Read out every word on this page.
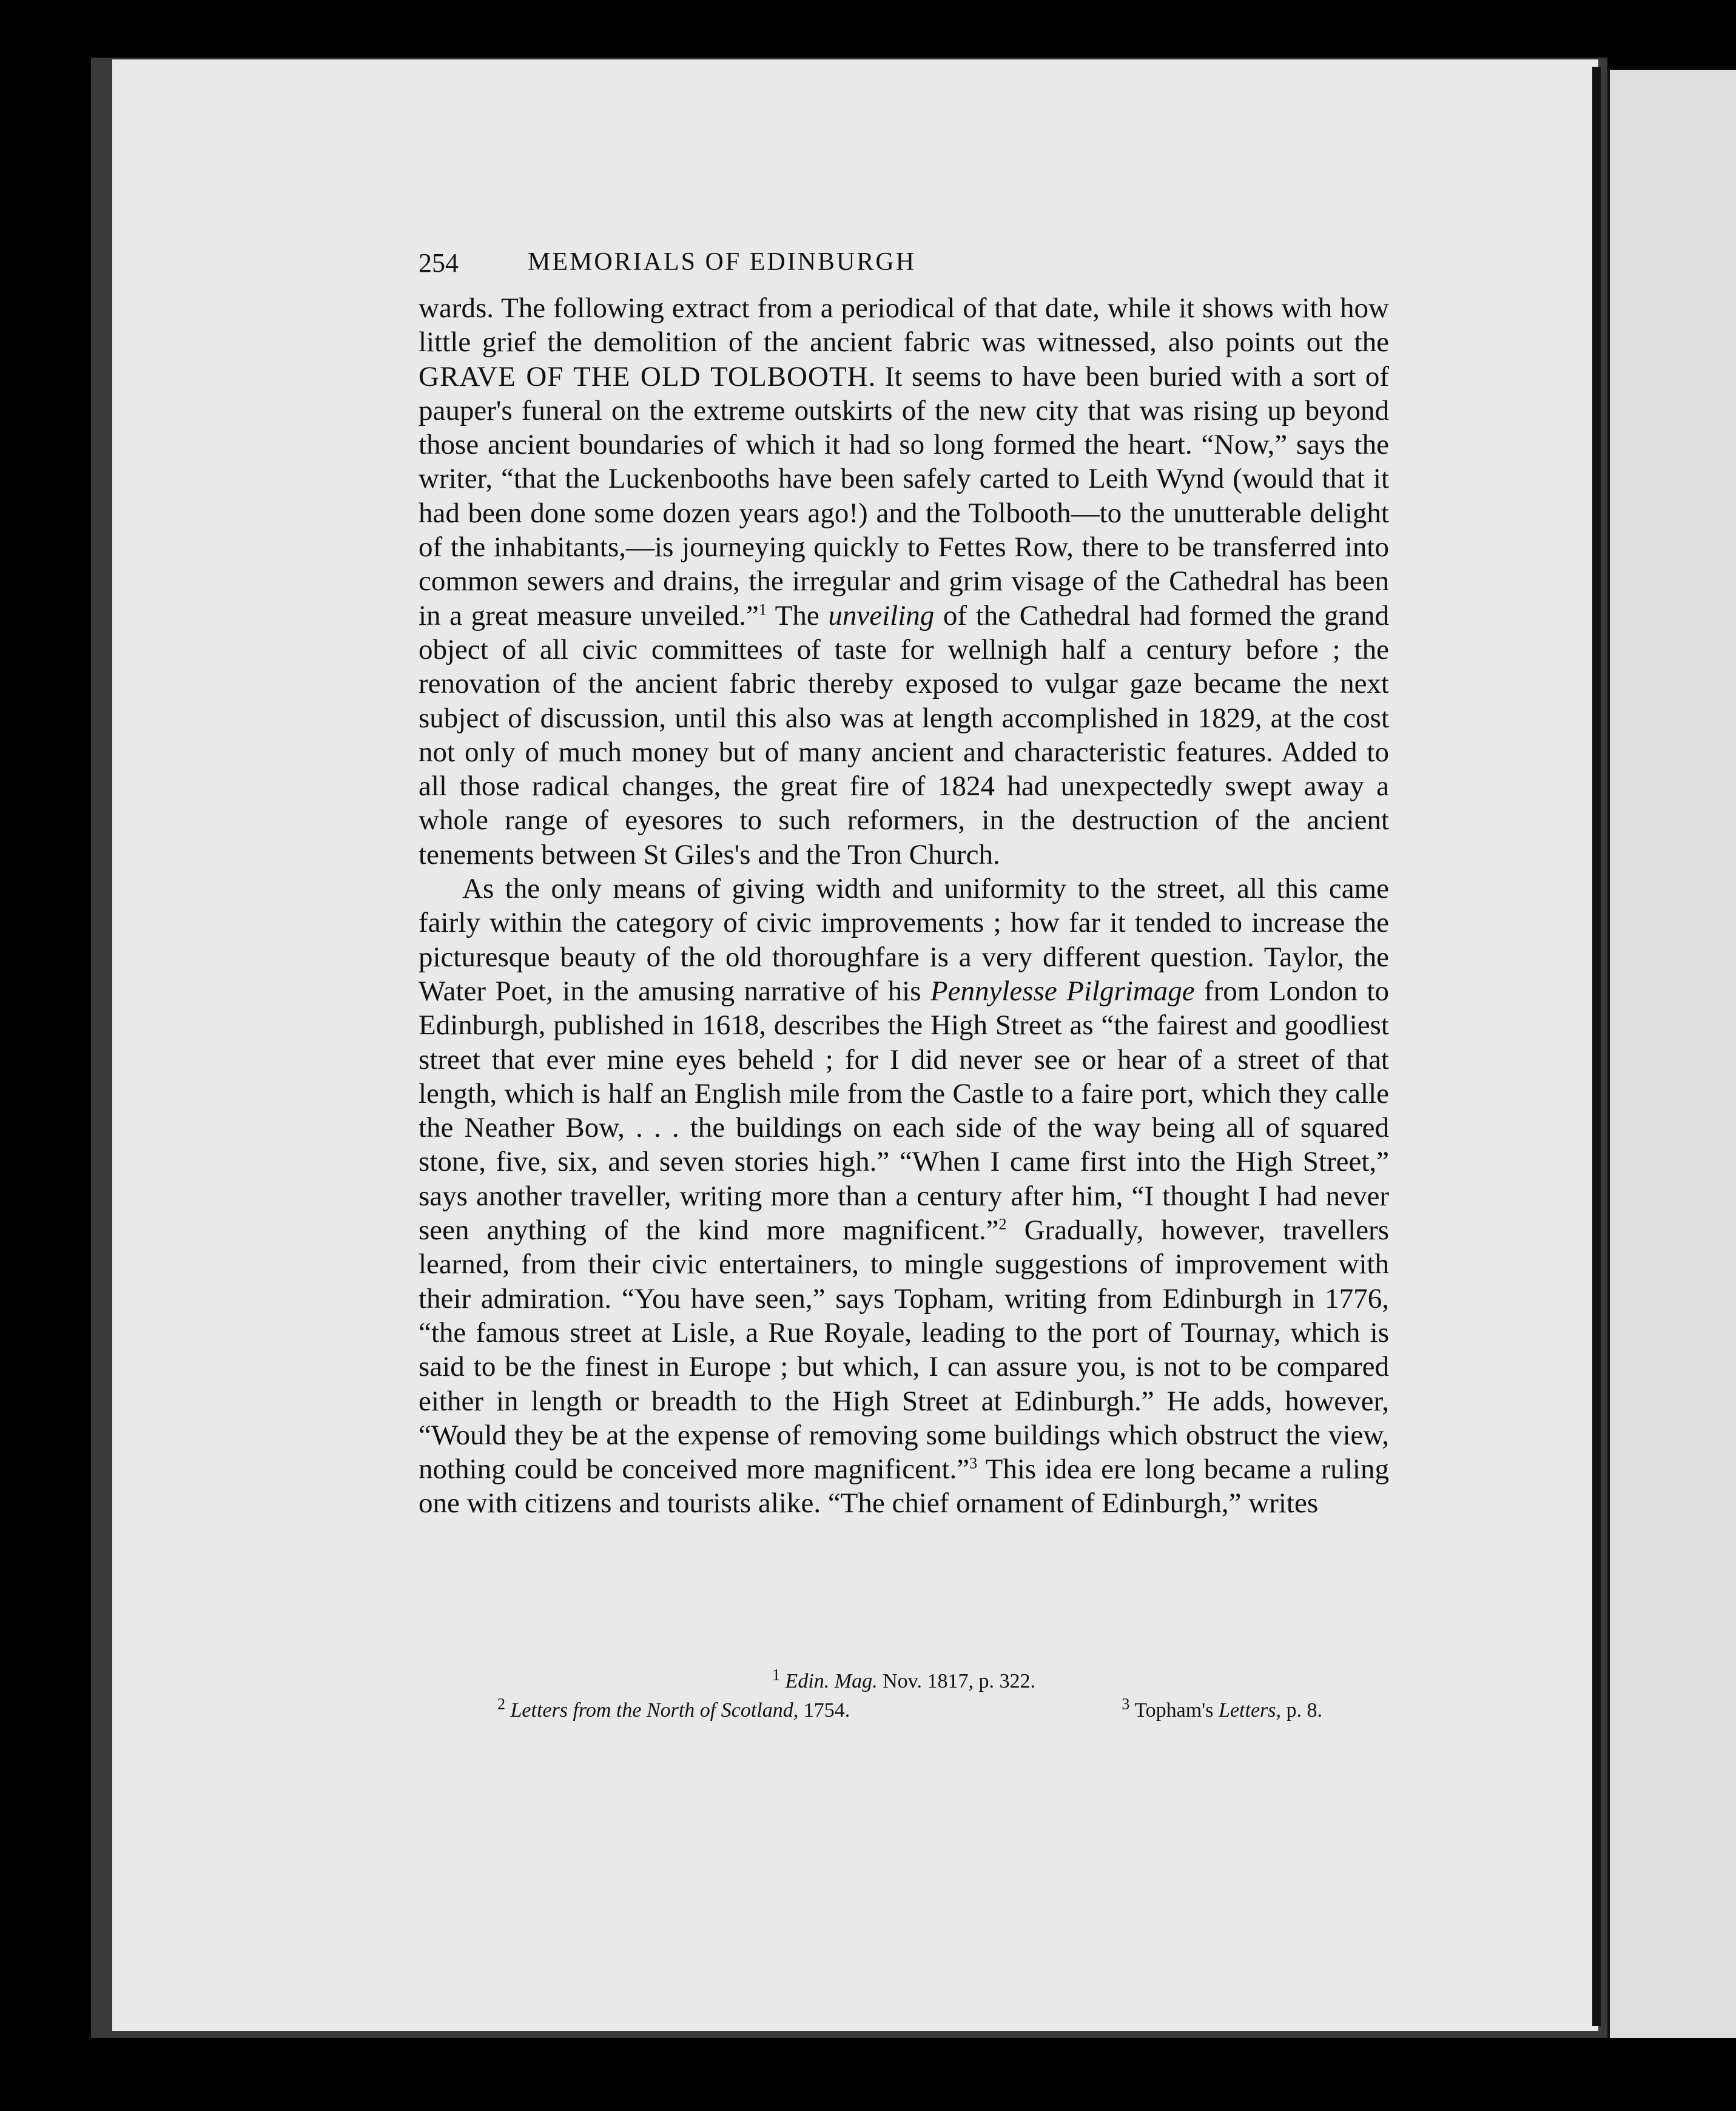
254	MEMORIALS OF EDINBURGH

wards. The following extract from a periodical of that date, while it shows with how little grief the demolition of the ancient fabric was witnessed, also points out the GRAVE OF THE OLD TOLBOOTH. It seems to have been buried with a sort of pauper's funeral on the extreme outskirts of the new city that was rising up beyond those ancient boundaries of which it had so long formed the heart. “Now,” says the writer, “that the Luckenbooths have been safely carted to Leith Wynd (would that it had been done some dozen years ago!) and the Tolbooth—to the unutterable delight of the inhabitants,—is journeying quickly to Fettes Row, there to be transferred into common sewers and drains, the irregular and grim visage of the Cathedral has been in a great measure unveiled.”$^1$ The unveiling of the Cathedral had formed the grand object of all civic committees of taste for wellnigh half a century before ; the renovation of the ancient fabric thereby exposed to vulgar gaze became the next subject of discussion, until this also was at length accomplished in 1829, at the cost not only of much money but of many ancient and characteristic features. Added to all those radical changes, the great fire of 1824 had unexpectedly swept away a whole range of eyesores to such reformers, in the destruction of the ancient tenements between St Giles's and the Tron Church.

As the only means of giving width and uniformity to the street, all this came fairly within the category of civic improvements ; how far it tended to increase the picturesque beauty of the old thoroughfare is a very different question. Taylor, the Water Poet, in the amusing narrative of his Pennylesse Pilgrimage from London to Edinburgh, published in 1618, describes the High Street as “the fairest and goodliest street that ever mine eyes beheld ; for I did never see or hear of a street of that length, which is half an English mile from the Castle to a faire port, which they calle the Neather Bow, . . . the buildings on each side of the way being all of squared stone, five, six, and seven stories high.” “When I came first into the High Street,” says another traveller, writing more than a century after him, “I thought I had never seen anything of the kind more magnificent.”$^2$ Gradually, however, travellers learned, from their civic entertainers, to mingle suggestions of improvement with their admiration. “You have seen,” says Topham, writing from Edinburgh in 1776, “the famous street at Lisle, a Rue Royale, leading to the port of Tournay, which is said to be the finest in Europe ; but which, I can assure you, is not to be compared either in length or breadth to the High Street at Edinburgh.” He adds, however, “Would they be at the expense of removing some buildings which obstruct the view, nothing could be conceived more magnificent.”$^3$ This idea ere long became a ruling one with citizens and tourists alike. “The chief ornament of Edinburgh,” writes

$^1$ Edin. Mag. Nov. 1817, p. 322.
$^2$ Letters from the North of Scotland, 1754.	$^3$ Topham's Letters, p. 8.
